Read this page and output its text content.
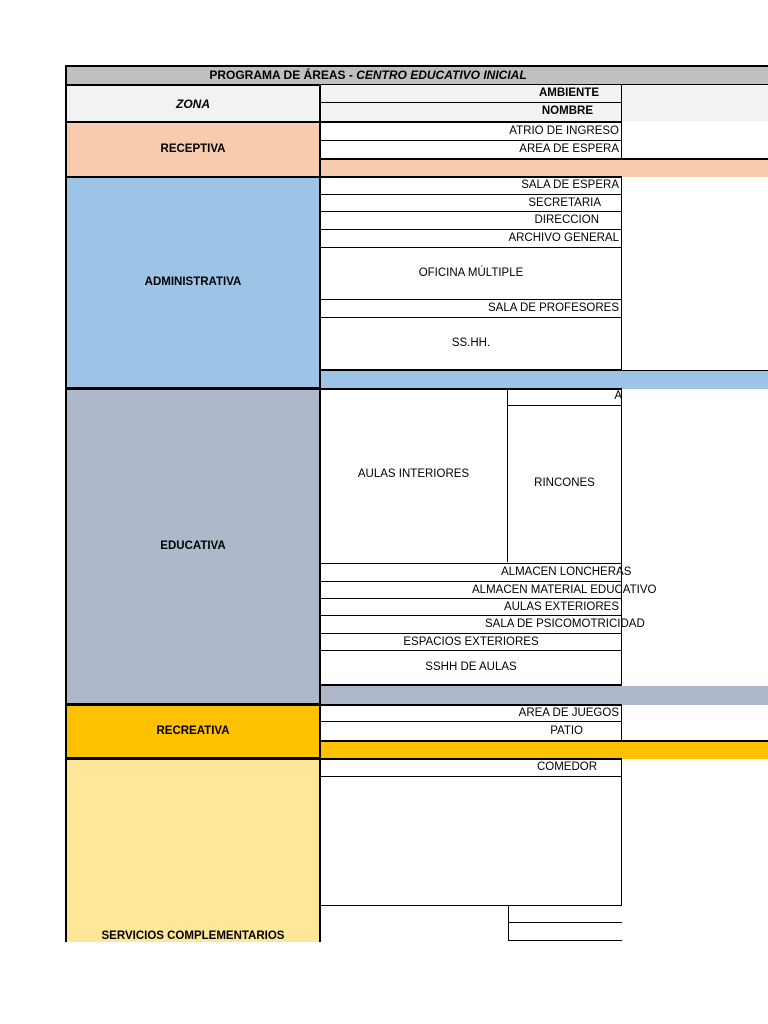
PROGRAMA DE ÁREAS - CENTRO EDUCATIVO INICIAL
ZONA
AMBIENTE
NOMBRE
RECEPTIVA
ATRIO DE INGRESO
AREA DE ESPERA
ADMINISTRATIVA
SALA DE ESPERA
SECRETARIA
DIRECCION
ARCHIVO GENERAL
OFICINA MÚLTIPLE
SALA DE PROFESORES
SS.HH.
EDUCATIVA
AULAS INTERIORES
A
RINCONES
ALMACEN LONCHERAS
ALMACEN MATERIAL EDUCATIVO
AULAS EXTERIORES
SALA DE PSICOMOTRICIDAD
ESPACIOS EXTERIORES
SSHH DE AULAS
RECREATIVA
AREA DE JUEGOS
PATIO
SERVICIOS COMPLEMENTARIOS
COMEDOR
